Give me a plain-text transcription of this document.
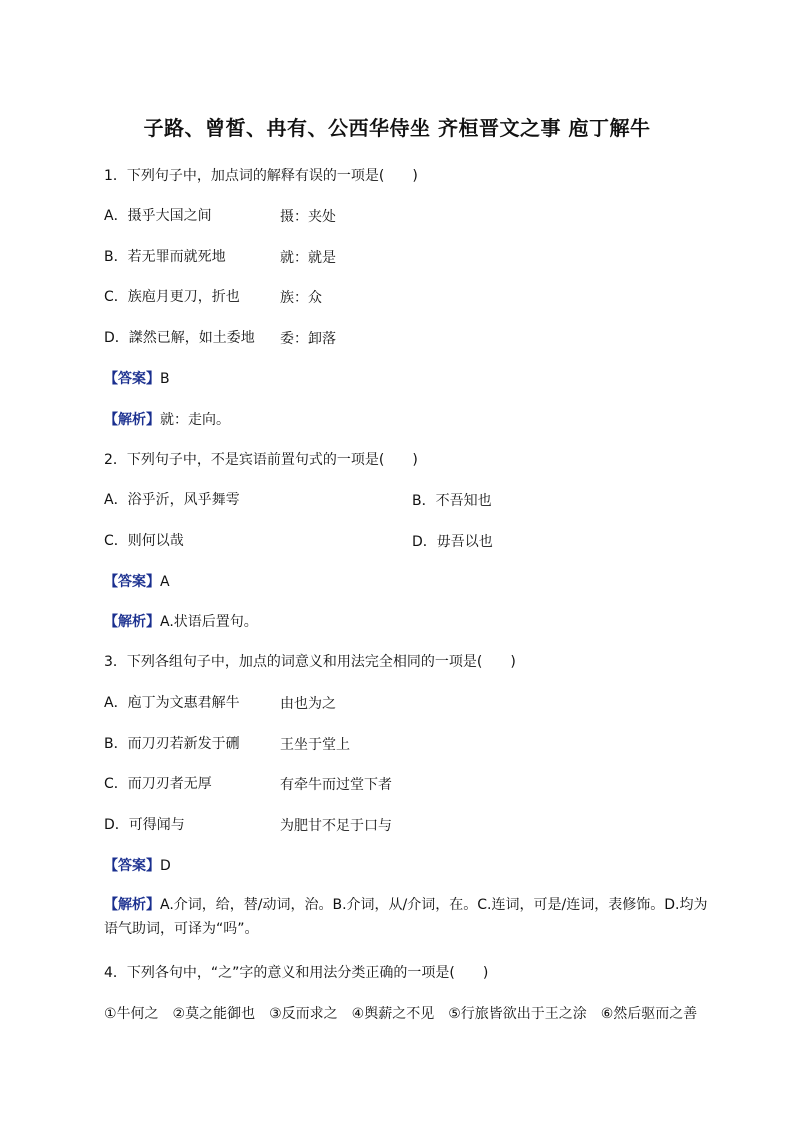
子路、曾皙、冉有、公西华侍坐 齐桓晋文之事 庖丁解牛
1．下列句子中，加点词的解释有误的一项是(　　)
A．摄乎大国之间	摄：夹处
B．若无罪而就死地	就：就是
C．族庖月更刀，折也	族：众
D．謋然已解，如土委地 委：卸落
【答案】B
【解析】就：走向。
2．下列句子中，不是宾语前置句式的一项是(　　)
A．浴乎沂，风乎舞雩	B．不吾知也
C．则何以哉	D．毋吾以也
【答案】A
【解析】A.状语后置句。
3．下列各组句子中，加点的词意义和用法完全相同的一项是(　　)
A．庖丁为文惠君解牛	由也为之
B．而刀刃若新发于硎	王坐于堂上
C．而刀刃者无厚	有牵牛而过堂下者
D．可得闻与	为肥甘不足于口与
【答案】D
【解析】A.介词，给，替/动词，治。B.介词，从/介词，在。C.连词，可是/连词，表修饰。D.均为语气助词，可译为“吗”。
4．下列各句中，“之”字的意义和用法分类正确的一项是(　　)
①牛何之　②莫之能御也　③反而求之　④舆薪之不见　⑤行旅皆欲出于王之涂　⑥然后驱而之善
